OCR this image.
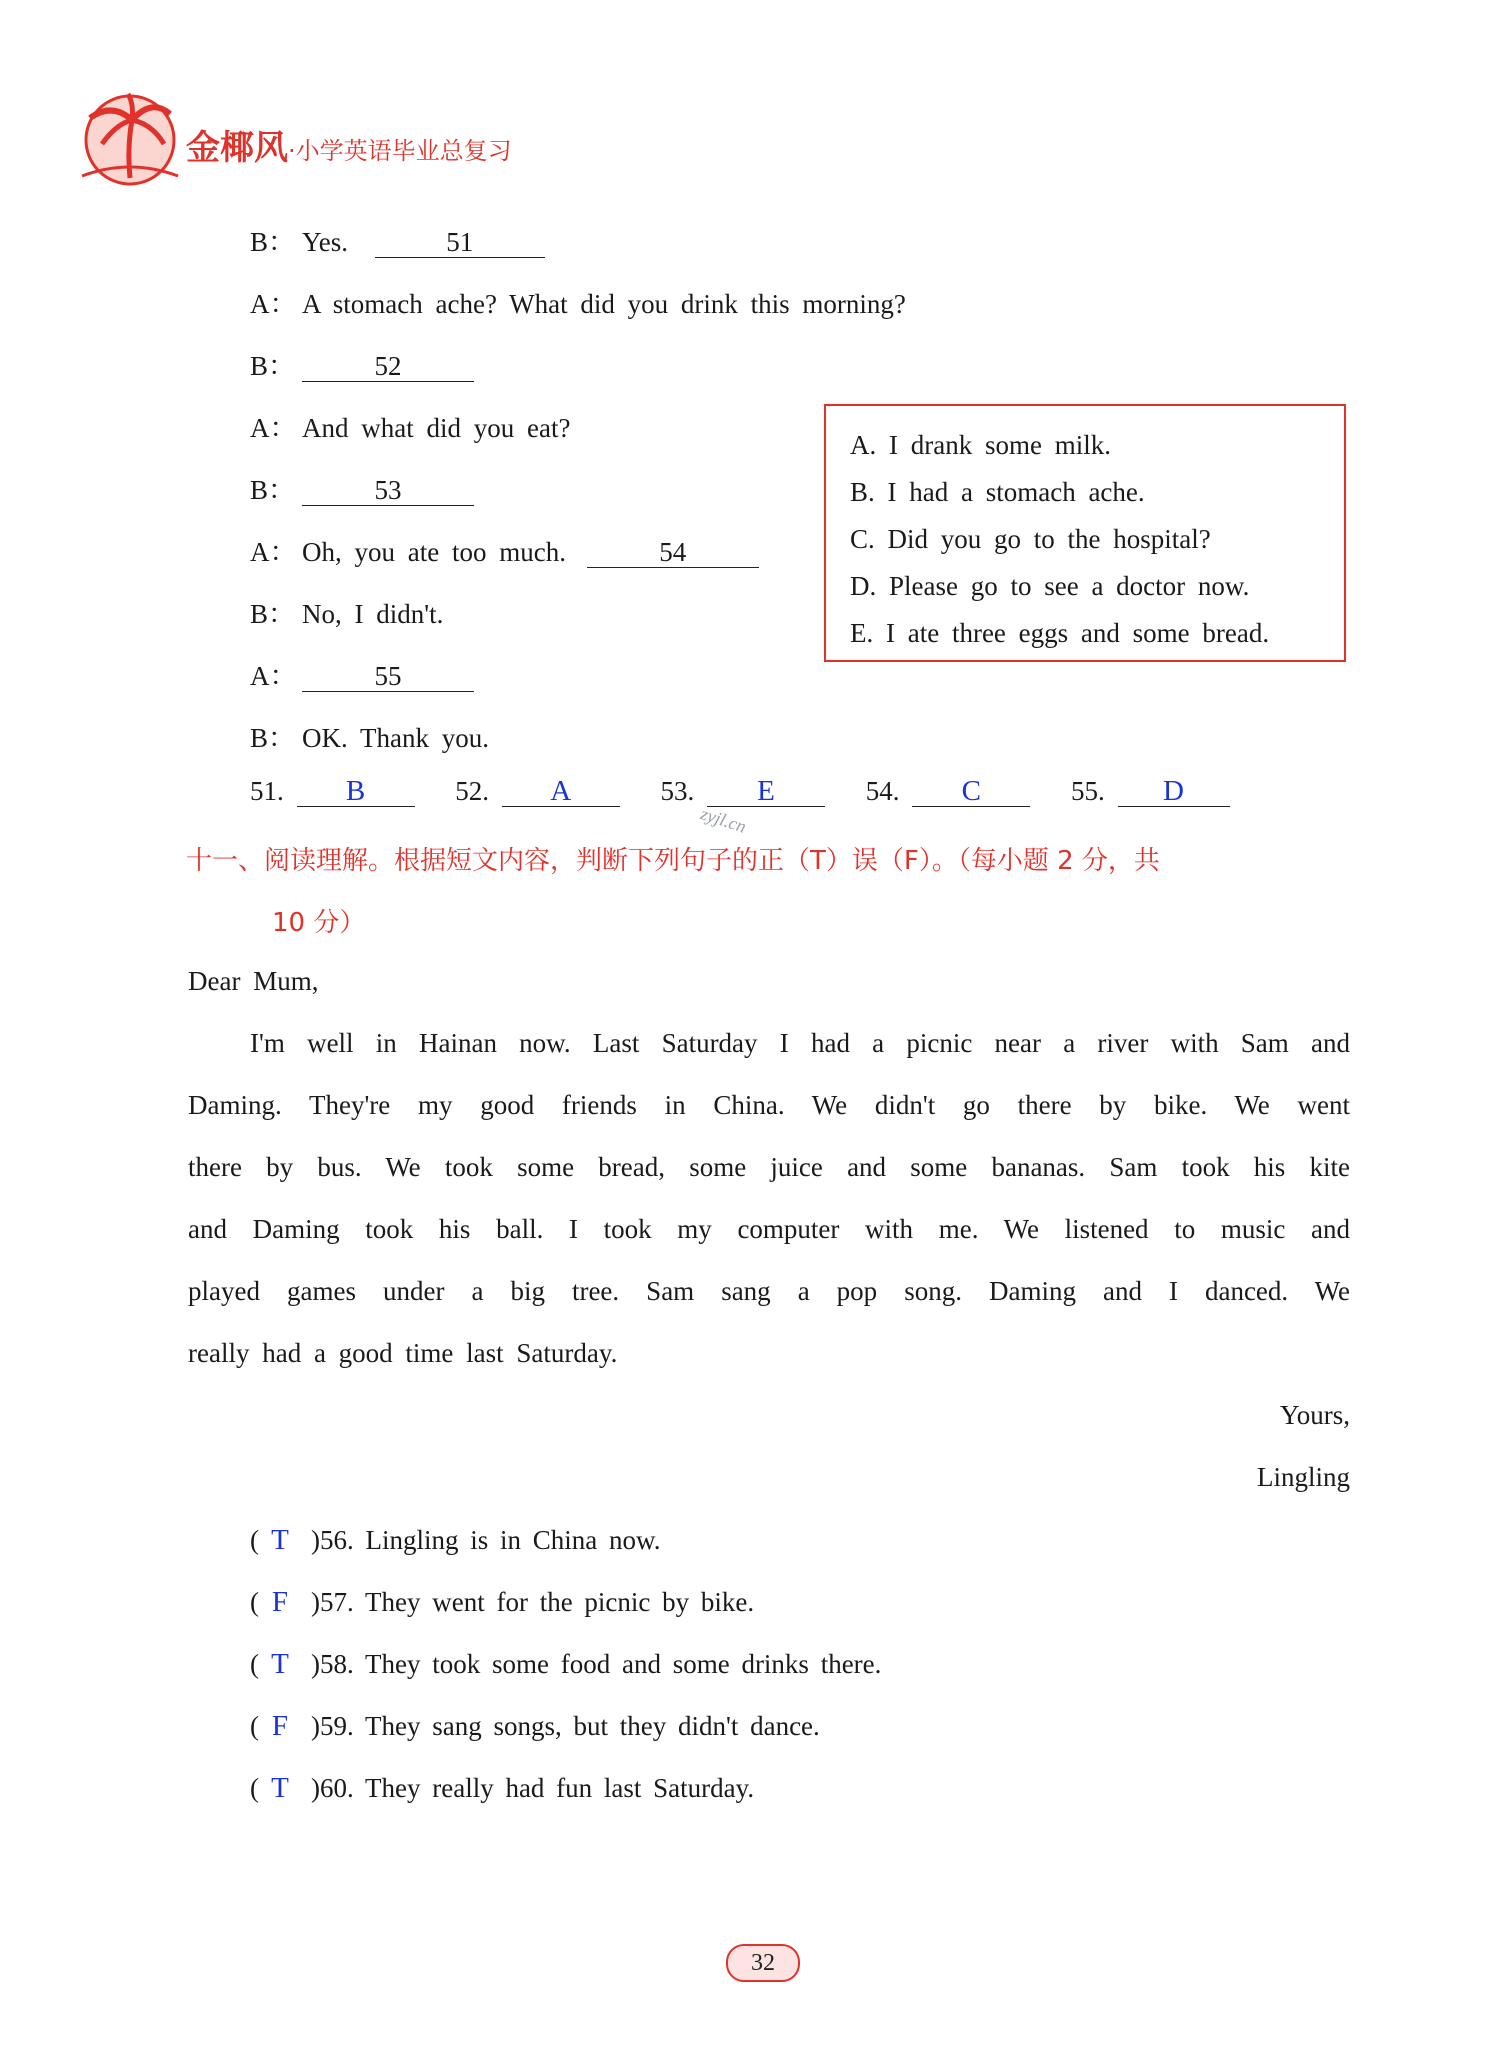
金椰风·小学英语毕业总复习
B： Yes.	51
A： A stomach ache? What did you drink this morning?
B：	52
A： And what did you eat?
B：	53
A： Oh, you ate too much.	54
B： No, I didn't.
A：	55
B： OK. Thank you.
A. I drank some milk.
B. I had a stomach ache.
C. Did you go to the hospital?
D. Please go to see a doctor now.
E. I ate three eggs and some bread.
51. B	52. A	53. E	54. C	55. D
zyjl.cn
十一、阅读理解。根据短文内容，判断下列句子的正（T）误（F）。（每小题 2 分，共
10 分）
Dear Mum,
I'm well in Hainan now. Last Saturday I had a picnic near a river with Sam and
Daming. They're my good friends in China. We didn't go there by bike. We went
there by bus. We took some bread, some juice and some bananas. Sam took his kite
and Daming took his ball. I took my computer with me. We listened to music and
played games under a big tree. Sam sang a pop song. Daming and I danced. We
really had a good time last Saturday.
Yours,
Lingling
( T )56. Lingling is in China now.
( F )57. They went for the picnic by bike.
( T )58. They took some food and some drinks there.
( F )59. They sang songs, but they didn't dance.
( T )60. They really had fun last Saturday.
32
